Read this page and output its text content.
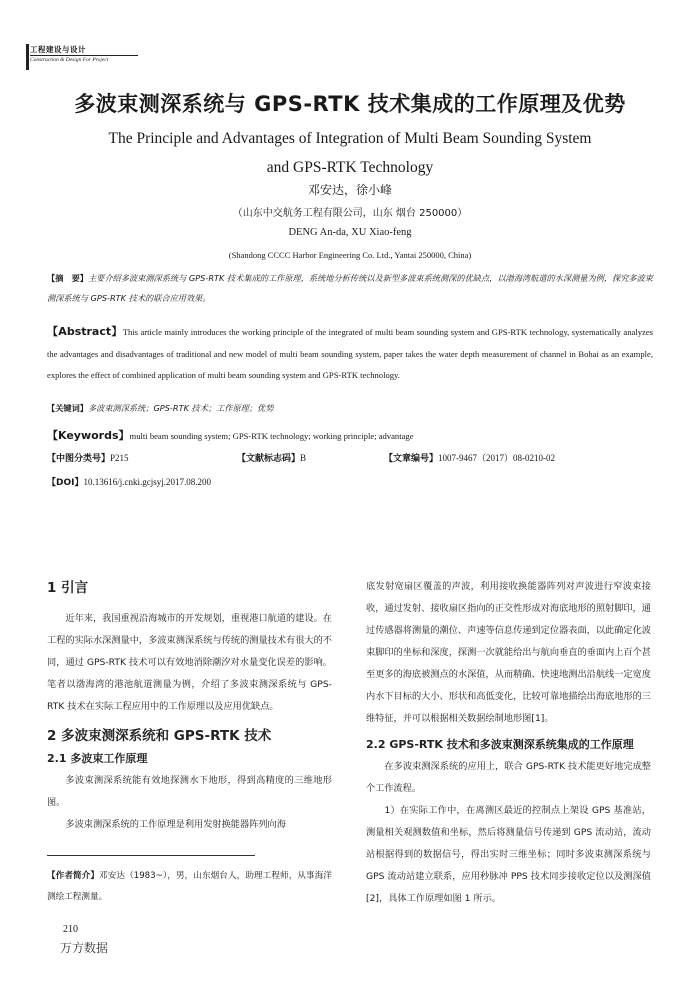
工程建设与设计
Construction & Design For Project
多波束测深系统与 GPS-RTK 技术集成的工作原理及优势
The Principle and Advantages of Integration of Multi Beam Sounding System
and GPS-RTK Technology
邓安达，徐小峰
（山东中交航务工程有限公司，山东 烟台 250000）
DENG An-da, XU Xiao-feng
(Shandong CCCC Harbor Engineering Co. Ltd., Yantai 250000, China)
【摘　要】主要介绍多波束测深系统与 GPS-RTK 技术集成的工作原理，系统地分析传统以及新型多波束系统测深的优缺点，以渤海湾航道的水深测量为例，探究多波束测深系统与 GPS-RTK 技术的联合应用效果。
【Abstract】This article mainly introduces the working principle of the integrated of multi beam sounding system and GPS-RTK technology, systematically analyzes the advantages and disadvantages of traditional and new model of multi beam sounding system, paper takes the water depth measurement of channel in Bohai as an example, explores the effect of combined application of multi beam sounding system and GPS-RTK technology.
【关键词】多波束测深系统；GPS-RTK 技术；工作原理；优势
【Keywords】multi beam sounding system; GPS-RTK technology; working principle; advantage
【中图分类号】P215	【文献标志码】B	【文章编号】1007-9467（2017）08-0210-02
【DOI】10.13616/j.cnki.gcjsyj.2017.08.200

1 引言

近年来，我国重视沿海城市的开发规划，重视港口航道的建设。在工程的实际水深测量中，多波束测深系统与传统的测量技术有很大的不同，通过 GPS-RTK 技术可以有效地消除潮汐对水量变化误差的影响。笔者以渤海湾的港池航道测量为例，介绍了多波束测深系统与 GPS-RTK 技术在实际工程应用中的工作原理以及应用优缺点。

2 多波束测深系统和 GPS-RTK 技术

2.1 多波束工作原理

多波束测深系统能有效地探测水下地形，得到高精度的三维地形图。

多波束测深系统的工作原理是利用发射换能器阵列向海

底发射宽扇区覆盖的声波，利用接收换能器阵列对声波进行窄波束接收，通过发射、接收扇区指向的正交性形成对海底地形的照射脚印，通过传感器将测量的潮位、声速等信息传递到定位器表面，以此确定化波束脚印的坐标和深度，探测一次就能给出与航向垂直的垂面内上百个甚至更多的海底被测点的水深值，从而精确、快速地测出沿航线一定宽度内水下目标的大小、形状和高低变化，比较可靠地描绘出海底地形的三维特征，并可以根据相关数据绘制地形图[1]。

2.2 GPS-RTK 技术和多波束测深系统集成的工作原理

在多波束测深系统的应用上，联合 GPS-RTK 技术能更好地完成整个工作流程。

1）在实际工作中，在离测区最近的控制点上架设 GPS 基准站，测量相关观测数值和坐标，然后将测量信号传递到 GPS 流动站，流动站根据得到的数据信号，得出实时三维坐标；同时多波束测深系统与 GPS 流动站建立联系，应用秒脉冲 PPS 技术同步接收定位以及测深值[2]，具体工作原理如图 1 所示。

【作者简介】邓安达（1983~），男，山东烟台人，助理工程师，从事海洋测绘工程测量。
210
万方数据
